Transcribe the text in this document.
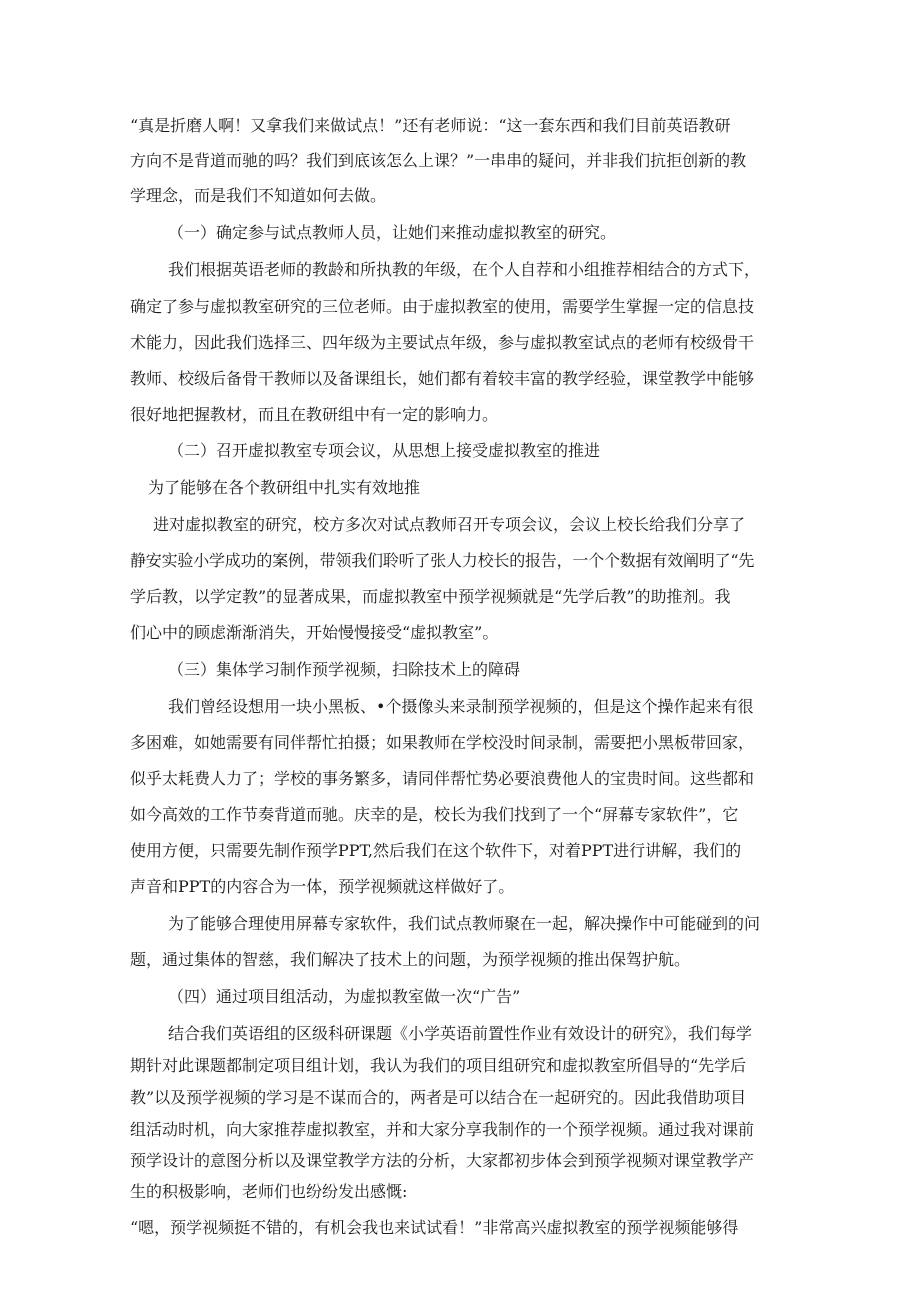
“真是折磨人啊！又拿我们来做试点！”还有老师说：“这一套东西和我们目前英语教研

方向不是背道而驰的吗？我们到底该怎么上课？”一串串的疑问，并非我们抗拒创新的教

学理念，而是我们不知道如何去做。

（一）确定参与试点教师人员，让她们来推动虚拟教室的研究。

我们根据英语老师的教龄和所执教的年级，在个人自荐和小组推荐相结合的方式下，

确定了参与虚拟教室研究的三位老师。由于虚拟教室的使用，需要学生掌握一定的信息技

术能力，因此我们选择三、四年级为主要试点年级，参与虚拟教室试点的老师有校级骨干

教师、校级后备骨干教师以及备课组长，她们都有着较丰富的教学经验，课堂教学中能够

很好地把握教材，而且在教研组中有一定的影响力。

（二）召开虚拟教室专项会议，从思想上接受虚拟教室的推进

为了能够在各个教研组中扎实有效地推

进对虚拟教室的研究，校方多次对试点教师召开专项会议，会议上校长给我们分享了

静安实验小学成功的案例，带领我们聆听了张人力校长的报告，一个个数据有效阐明了“先

学后教，以学定教”的显著成果，而虚拟教室中预学视频就是“先学后教”的助推剂。我

们心中的顾虑渐渐消失，开始慢慢接受“虚拟教室”。

（三）集体学习制作预学视频，扫除技术上的障碍

我们曾经设想用一块小黑板、•个摄像头来录制预学视频的，但是这个操作起来有很

多困难，如她需要有同伴帮忙拍摄；如果教师在学校没时间录制，需要把小黑板带回家，

似乎太耗费人力了；学校的事务繁多，请同伴帮忙势必要浪费他人的宝贵时间。这些都和

如今高效的工作节奏背道而驰。庆幸的是，校长为我们找到了一个“屏幕专家软件”，它

使用方便，只需要先制作预学PPT,然后我们在这个软件下，对着PPT进行讲解，我们的

声音和PPT的内容合为一体，预学视频就这样做好了。

为了能够合理使用屏幕专家软件，我们试点教师聚在一起，解决操作中可能碰到的问

题，通过集体的智慈，我们解决了技术上的问题，为预学视频的推出保驾护航。

（四）通过项目组活动，为虚拟教室做一次“广告”

结合我们英语组的区级科研课题《小学英语前置性作业有效设计的研究》，我们每学

期针对此课题都制定项目组计划，我认为我们的项目组研究和虚拟教室所倡导的“先学后

教”以及预学视频的学习是不谋而合的，两者是可以结合在一起研究的。因此我借助项目

组活动时机，向大家推荐虚拟教室，并和大家分享我制作的一个预学视频。通过我对课前

预学设计的意图分析以及课堂教学方法的分析，大家都初步体会到预学视频对课堂教学产

生的积极影响，老师们也纷纷发出感慨:

“嗯，预学视频挺不错的，有机会我也来试试看！”非常高兴虚拟教室的预学视频能够得
